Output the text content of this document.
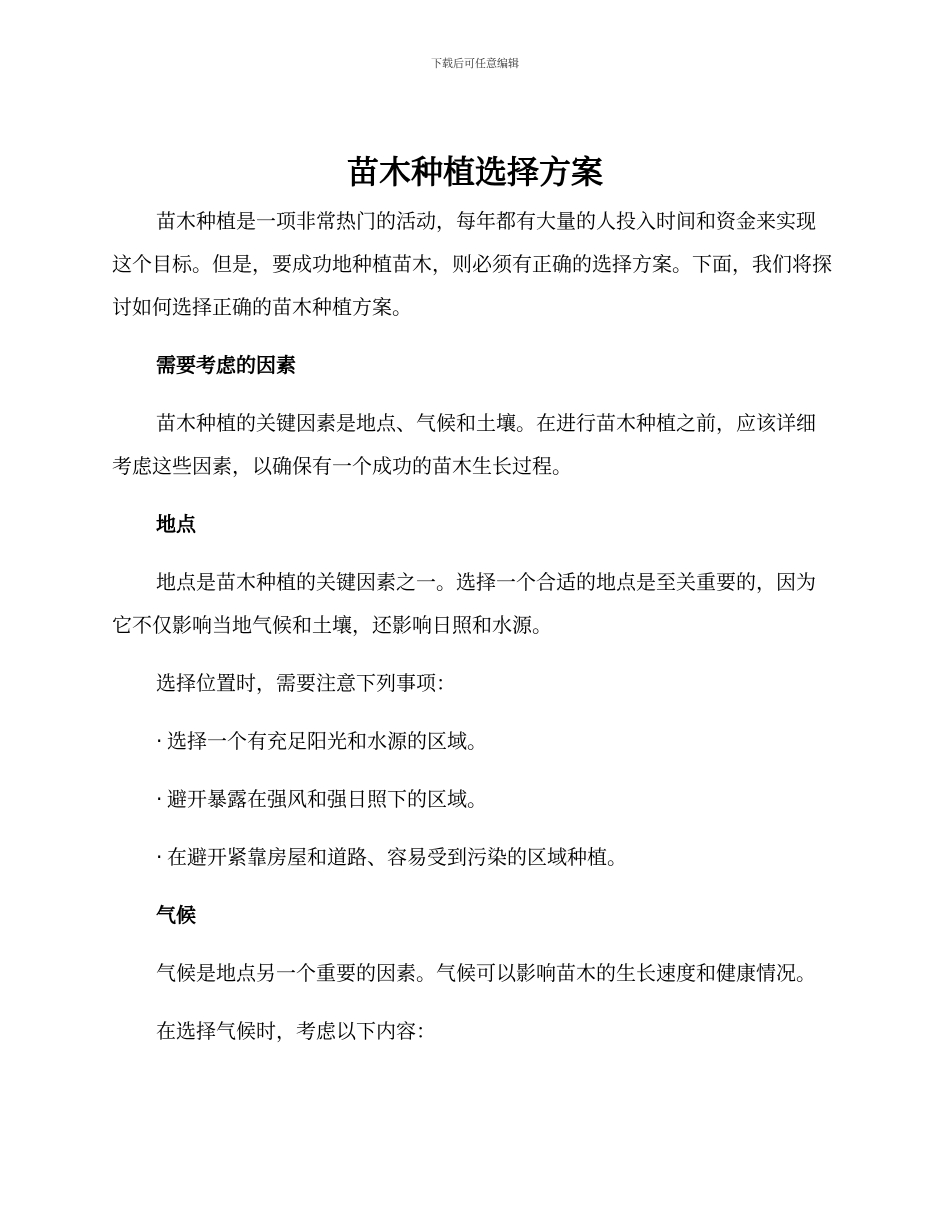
下载后可任意编辑
苗木种植选择方案

苗木种植是一项非常热门的活动，每年都有大量的人投入时间和资金来实现这个目标。但是，要成功地种植苗木，则必须有正确的选择方案。下面，我们将探讨如何选择正确的苗木种植方案。

需要考虑的因素

苗木种植的关键因素是地点、气候和土壤。在进行苗木种植之前，应该详细考虑这些因素，以确保有一个成功的苗木生长过程。

地点

地点是苗木种植的关键因素之一。选择一个合适的地点是至关重要的，因为它不仅影响当地气候和土壤，还影响日照和水源。

选择位置时，需要注意下列事项：

· 选择一个有充足阳光和水源的区域。

· 避开暴露在强风和强日照下的区域。

· 在避开紧靠房屋和道路、容易受到污染的区域种植。

气候

气候是地点另一个重要的因素。气候可以影响苗木的生长速度和健康情况。

在选择气候时，考虑以下内容：
